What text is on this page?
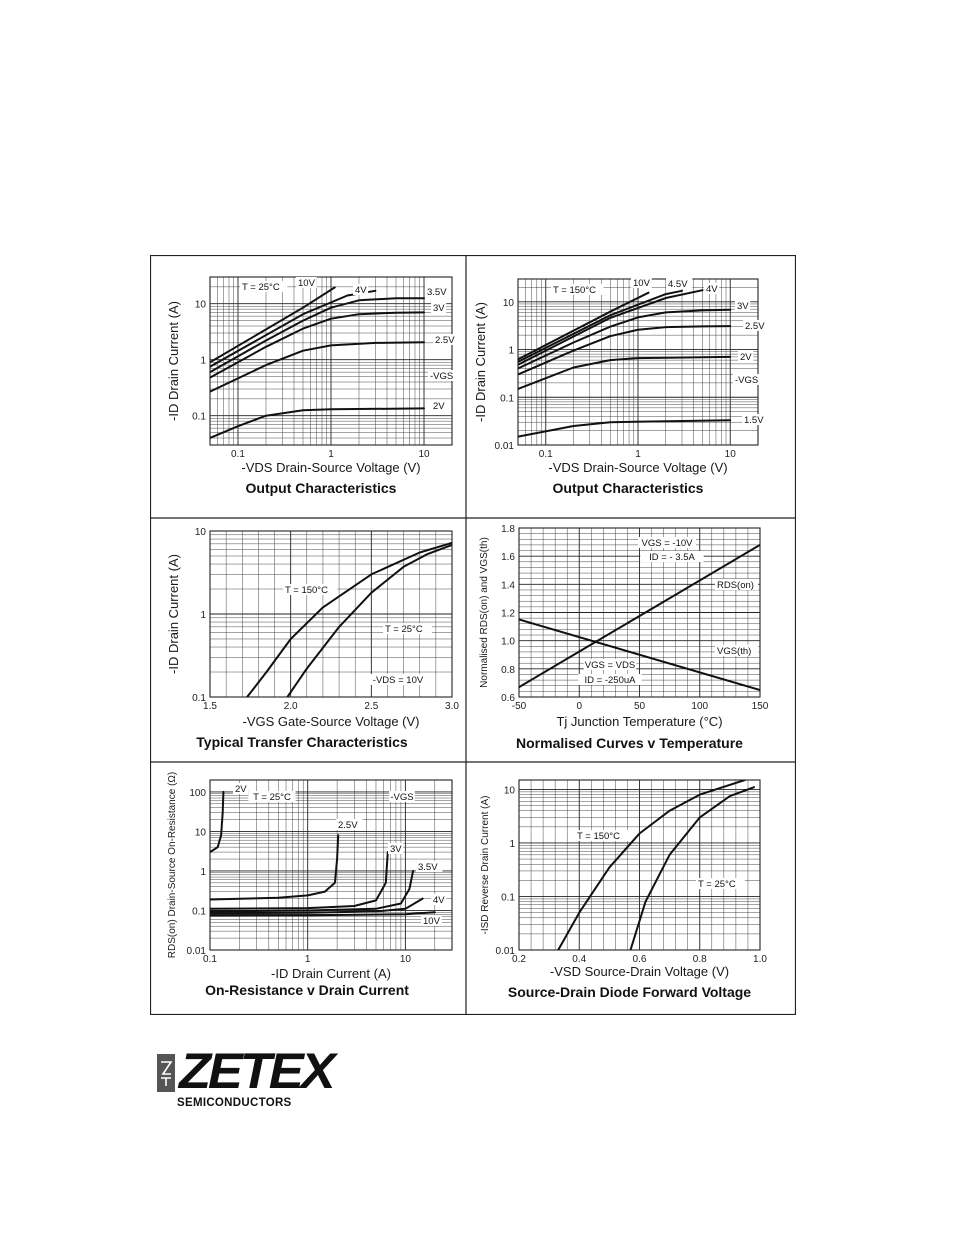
0.1	1	10
0.1
1
10
10V
4V	3.5V
3V
2.5V
2V
T = 25°C
-VGS
-VDS Drain-Source Voltage (V)
-ID Drain Current (A)
Output Characteristics
0.1	1	10
0.01
0.1
1
10
10V 4.5V 4V
3V
2.5V
2V
1.5V
T = 150°C
-VGS
-VDS Drain-Source Voltage (V)
-ID Drain Current (A)
Output Characteristics
1.5	2.0	2.5	3.0
0.1
1
10
T = 150°C
T = 25°C
-VDS = 10V
-VGS Gate-Source Voltage (V)
-ID Drain Current (A)
Typical Transfer Characteristics
-50	0	50	100	150
0.6
0.8
1.0
1.2
1.4
1.6
1.8
RDS(on)
VGS(th)
VGS = -10V
ID = - 3.5A
VGS = VDS
ID = -250uA
Tj Junction Temperature (°C)
Normalised RDS(on) and VGS(th)
Normalised Curves v Temperature
0.1	1	10
0.01
0.1
1
10
100	2V
2.5V
3V
3.5V
4V
10V
T = 25°C	-VGS
-ID Drain Current (A)
RDS(on) Drain-Source On-Resistance (Ω)
On-Resistance v Drain Current
0.2	0.4	0.6	0.8	1.0
0.01
0.1
1
10
T = 150°C
T = 25°C
-VSD Source-Drain Voltage (V)
-ISD Reverse Drain Current (A)
Source-Drain Diode Forward Voltage
ZETEX
SEMICONDUCTORS
